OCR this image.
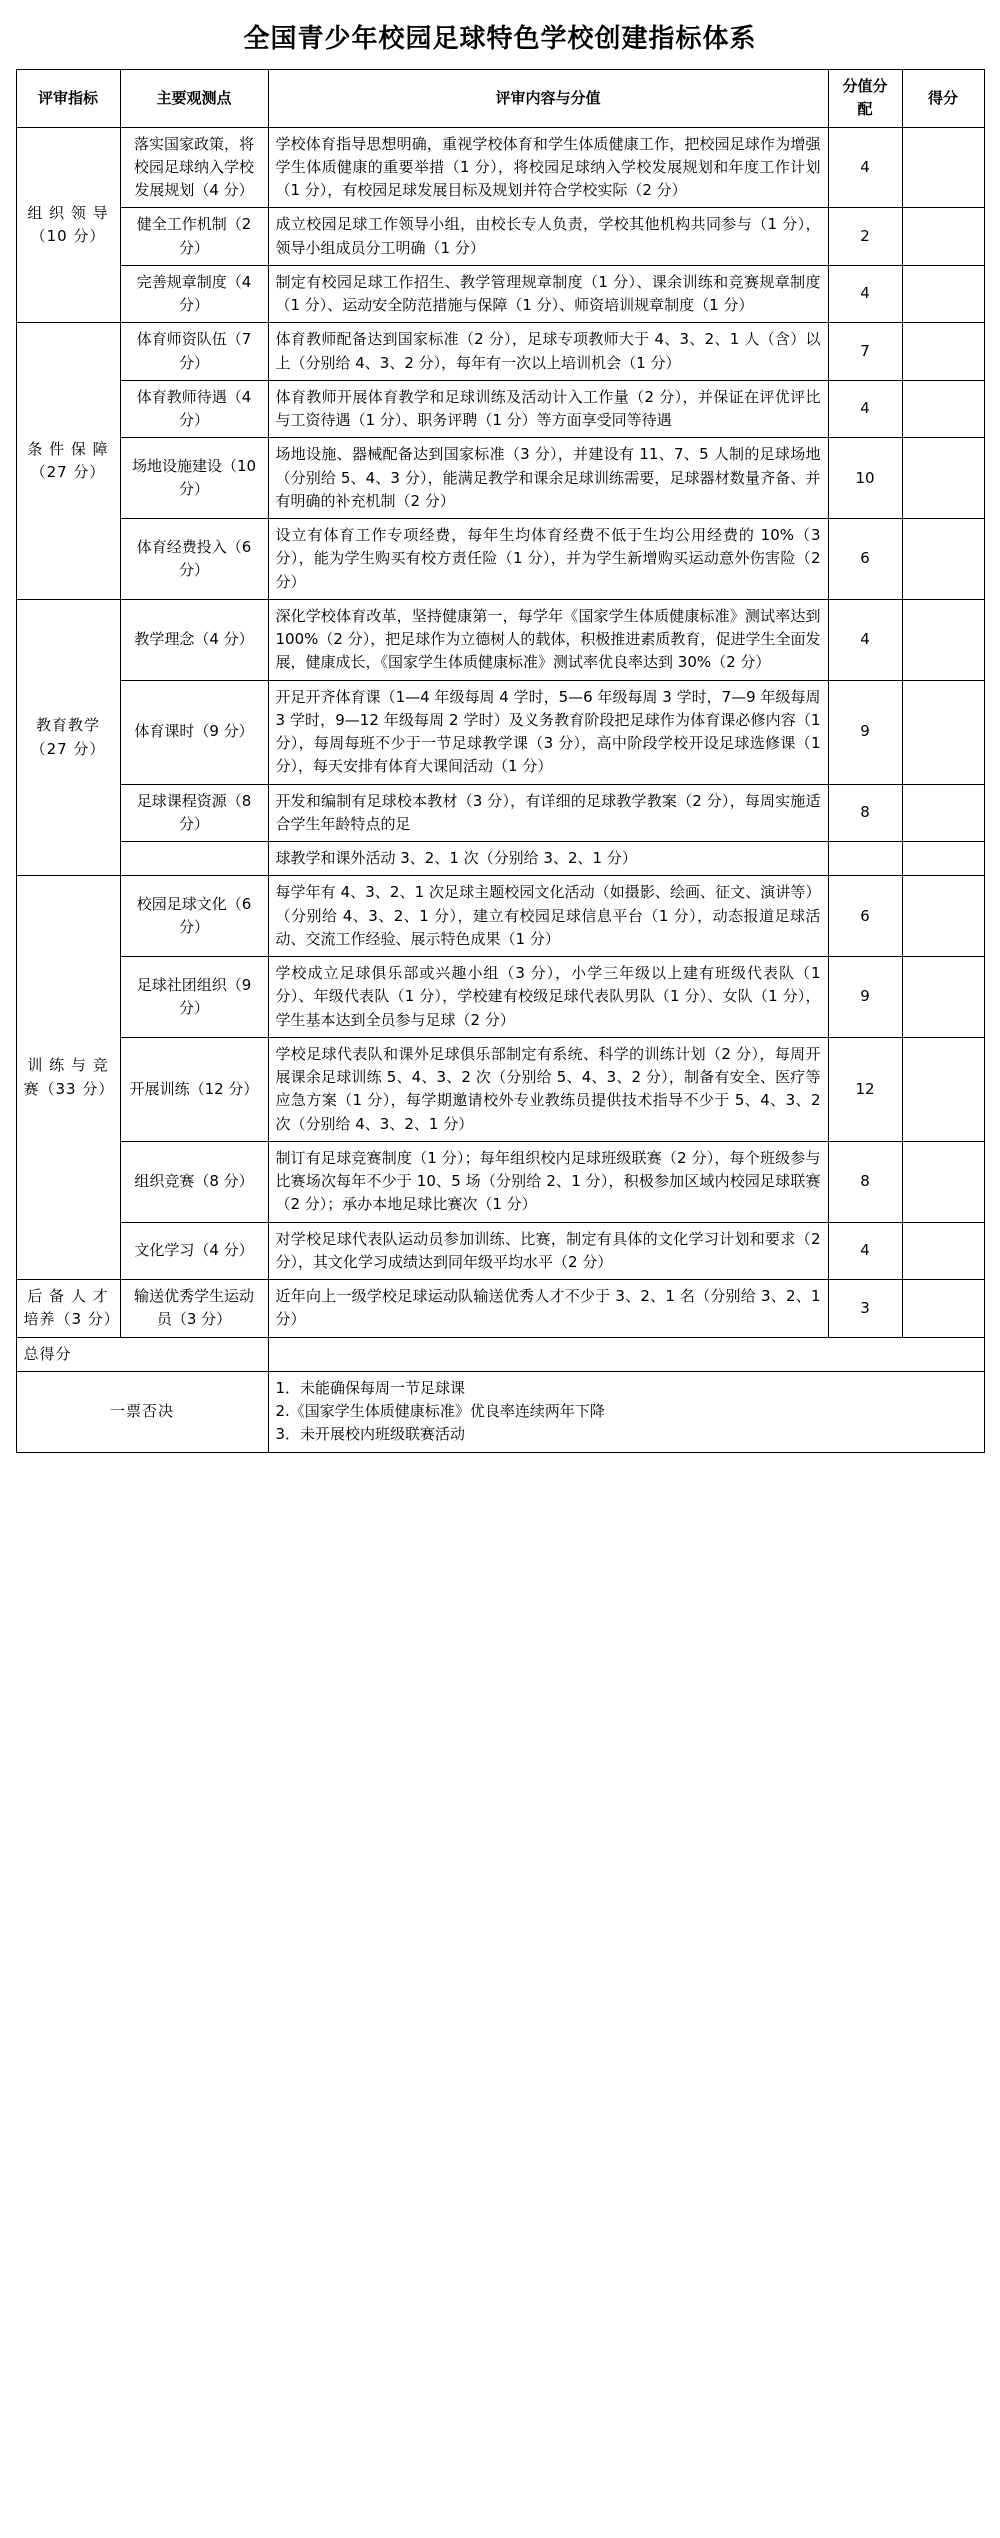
全国青少年校园足球特色学校创建指标体系
评审指标	主要观测点	评审内容与分值	分值分配	得分
组 织 领 导（10 分）	落实国家政策，将校园足球纳入学校发展规划（4 分）	学校体育指导思想明确，重视学校体育和学生体质健康工作，把校园足球作为增强学生体质健康的重要举措（1 分），将校园足球纳入学校发展规划和年度工作计划（1 分），有校园足球发展目标及规划并符合学校实际（2 分）	4	
	健全工作机制（2 分）	成立校园足球工作领导小组，由校长专人负责，学校其他机构共同参与（1 分），领导小组成员分工明确（1 分）	2	
	完善规章制度（4 分）	制定有校园足球工作招生、教学管理规章制度（1 分）、课余训练和竞赛规章制度（1 分）、运动安全防范措施与保障（1 分）、师资培训规章制度（1 分）	4	
条 件 保 障（27 分）	体育师资队伍（7 分）	体育教师配备达到国家标准（2 分），足球专项教师大于 4、3、2、1 人（含）以上（分别给 4、3、2 分），每年有一次以上培训机会（1 分）	7	
	体育教师待遇（4 分）	体育教师开展体育教学和足球训练及活动计入工作量（2 分），并保证在评优评比与工资待遇（1 分）、职务评聘（1 分）等方面享受同等待遇	4	
	场地设施建设（10 分）	场地设施、器械配备达到国家标准（3 分），并建设有 11、7、5 人制的足球场地（分别给 5、4、3 分），能满足教学和课余足球训练需要，足球器材数量齐备、并有明确的补充机制（2 分）	10	
	体育经费投入（6 分）	设立有体育工作专项经费，每年生均体育经费不低于生均公用经费的 10%（3 分），能为学生购买有校方责任险（1 分），并为学生新增购买运动意外伤害险（2 分）	6	
教育教学（27 分）	教学理念（4 分）	深化学校体育改革，坚持健康第一，每学年《国家学生体质健康标准》测试率达到 100%（2 分），把足球作为立德树人的载体，积极推进素质教育，促进学生全面发展，健康成长，《国家学生体质健康标准》测试率优良率达到 30%（2 分）	4	
	体育课时（9 分）	开足开齐体育课（1—4 年级每周 4 学时，5—6 年级每周 3 学时，7—9 年级每周 3 学时，9—12 年级每周 2 学时）及义务教育阶段把足球作为体育课必修内容（1 分），每周每班不少于一节足球教学课（3 分），高中阶段学校开设足球选修课（1 分），每天安排有体育大课间活动（1 分）	9	
	足球课程资源（8 分）	开发和编制有足球校本教材（3 分），有详细的足球教学教案（2 分），每周实施适合学生年龄特点的足	8	
		球教学和课外活动 3、2、1 次（分别给 3、2、1 分）		
训 练 与 竞 赛（33 分）	校园足球文化（6 分）	每学年有 4、3、2、1 次足球主题校园文化活动（如摄影、绘画、征文、演讲等）（分别给 4、3、2、1 分），建立有校园足球信息平台（1 分），动态报道足球活动、交流工作经验、展示特色成果（1 分）	6	
	足球社团组织（9 分）	学校成立足球俱乐部或兴趣小组（3 分），小学三年级以上建有班级代表队（1 分）、年级代表队（1 分），学校建有校级足球代表队男队（1 分）、女队（1 分），学生基本达到全员参与足球（2 分）	9	
	开展训练（12 分）	学校足球代表队和课外足球俱乐部制定有系统、科学的训练计划（2 分），每周开展课余足球训练 5、4、3、2 次（分别给 5、4、3、2 分），制备有安全、医疗等应急方案（1 分），每学期邀请校外专业教练员提供技术指导不少于 5、4、3、2 次（分别给 4、3、2、1 分）	12	
	组织竞赛（8 分）	制订有足球竞赛制度（1 分）；每年组织校内足球班级联赛（2 分），每个班级参与比赛场次每年不少于 10、5 场（分别给 2、1 分），积极参加区域内校园足球联赛（2 分）；承办本地足球比赛次（1 分）	8	
	文化学习（4 分）	对学校足球代表队运动员参加训练、比赛，制定有具体的文化学习计划和要求（2 分），其文化学习成绩达到同年级平均水平（2 分）	4	
后 备 人 才 培养（3 分）	输送优秀学生运动员（3 分）	近年向上一级学校足球运动队输送优秀人才不少于 3、2、1 名（分别给 3、2、1 分）	3	
总得分				
一票否决		1．未能确保每周一节足球课
2.《国家学生体质健康标准》优良率连续两年下降
3．未开展校内班级联赛活动		
